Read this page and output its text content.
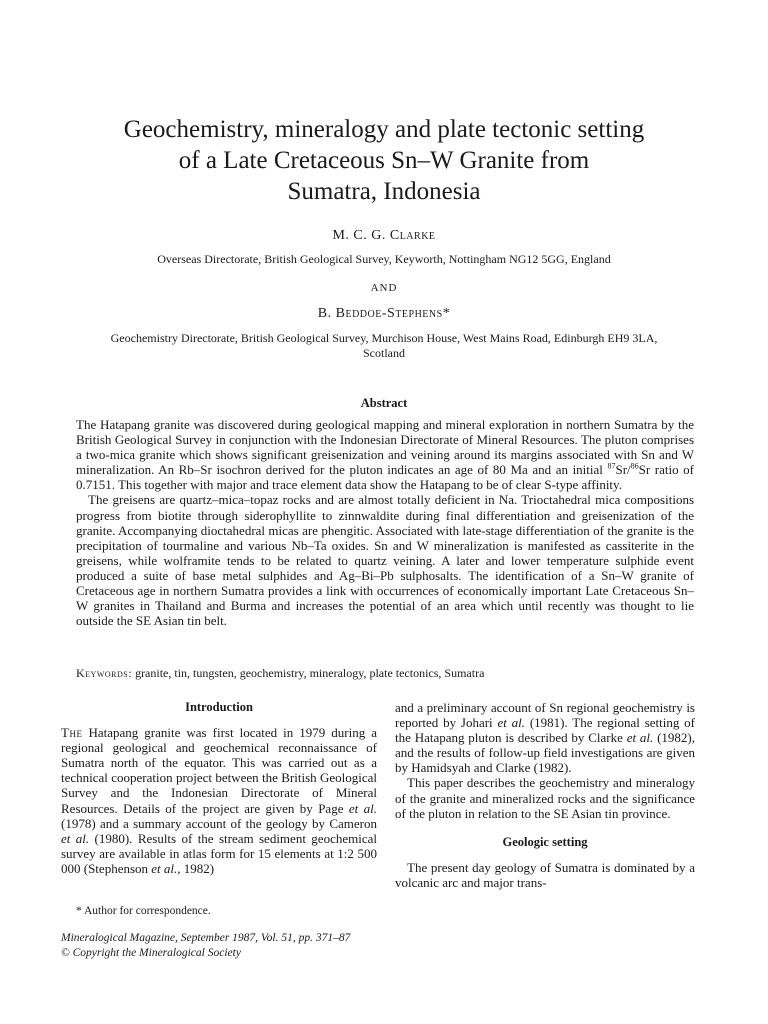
Geochemistry, mineralogy and plate tectonic setting
of a Late Cretaceous Sn–W Granite from
Sumatra, Indonesia
M. C. G. Clarke
Overseas Directorate, British Geological Survey, Keyworth, Nottingham NG12 5GG, England
AND
B. Beddoe-Stephens*
Geochemistry Directorate, British Geological Survey, Murchison House, West Mains Road, Edinburgh EH9 3LA,
Scotland
Abstract

The Hatapang granite was discovered during geological mapping and mineral exploration in northern Sumatra by the British Geological Survey in conjunction with the Indonesian Directorate of Mineral Resources. The pluton comprises a two-mica granite which shows significant greisenization and veining around its margins associated with Sn and W mineralization. An Rb–Sr isochron derived for the pluton indicates an age of 80 Ma and an initial $^{87}$Sr/$^{86}$Sr ratio of 0.7151. This together with major and trace element data show the Hatapang to be of clear S-type affinity.

The greisens are quartz–mica–topaz rocks and are almost totally deficient in Na. Trioctahedral mica compositions progress from biotite through siderophyllite to zinnwaldite during final differentiation and greisenization of the granite. Accompanying dioctahedral micas are phengitic. Associated with late-stage differentiation of the granite is the precipitation of tourmaline and various Nb–Ta oxides. Sn and W mineralization is manifested as cassiterite in the greisens, while wolframite tends to be related to quartz veining. A later and lower temperature sulphide event produced a suite of base metal sulphides and Ag–Bi–Pb sulphosalts. The identification of a Sn–W granite of Cretaceous age in northern Sumatra provides a link with occurrences of economically important Late Cretaceous Sn–W granites in Thailand and Burma and increases the potential of an area which until recently was thought to lie outside the SE Asian tin belt.

Keywords: granite, tin, tungsten, geochemistry, mineralogy, plate tectonics, Sumatra
Introduction

The Hatapang granite was first located in 1979 during a regional geological and geochemical reconnaissance of Sumatra north of the equator. This was carried out as a technical cooperation project between the British Geological Survey and the Indonesian Directorate of Mineral Resources. Details of the project are given by Page et al. (1978) and a summary account of the geology by Cameron et al. (1980). Results of the stream sediment geochemical survey are available in atlas form for 15 elements at 1:2 500 000 (Stephenson et al., 1982)

and a preliminary account of Sn regional geochemistry is reported by Johari et al. (1981). The regional setting of the Hatapang pluton is described by Clarke et al. (1982), and the results of follow-up field investigations are given by Hamidsyah and Clarke (1982).

This paper describes the geochemistry and mineralogy of the granite and mineralized rocks and the significance of the pluton in relation to the SE Asian tin province.

Geologic setting

The present day geology of Sumatra is dominated by a volcanic arc and major trans-

* Author for correspondence.
Mineralogical Magazine, September 1987, Vol. 51, pp. 371–87
© Copyright the Mineralogical Society
